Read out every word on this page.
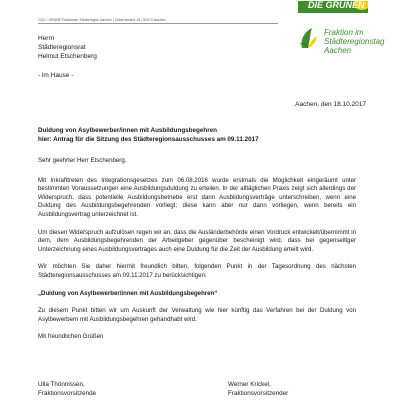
CDU / GRÜNE Fraktionen Städteregion Aachen | Zollernstraße 16 | 52070 Aachen
DIE GRÜNEN
Fraktion im
Städteregionstag
Aachen
Herrn
Städteregionsrat
Helmut Etschenberg
- im Hause -
Aachen, den 18.10.2017
Duldung von Asylbewerber/innen mit Ausbildungsbegehren
hier: Antrag für die Sitzung des Städteregionsausschusses am 09.11.2017

Sehr geehrter Herr Etschenberg,

Mit Inkrafttreten des Integrationsgesetzes zum 06.08.2016 wurde erstmals die Möglichkeit eingeräumt unter bestimmten Voraussetzungen eine Ausbildungsduldung zu erteilen. In der alltäglichen Praxis zeigt sich allerdings der Widerspruch, dass potentielle Ausbildungsbetriebe erst dann Ausbildungsverträge unterschreiben, wenn eine Duldung des Ausbildungsbegehrenden vorliegt; diese kann aber nur dann vorliegen, wenn bereits ein Ausbildungsvertrag unterzeichnet ist.

Um diesen Widerspruch aufzulösen regen wir an, dass die Ausländerbehörde einen Vordruck entwickelt/übernimmt in dem, dem Ausbildungsbegehrenden der Arbeitgeber gegenüber bescheinigt wird, dass bei gegenseitiger Unterzeichnung eines Ausbildungsvertrages auch eine Duldung für die Zeit der Ausbildung erteilt wird.

Wir möchten Sie daher hiermit freundlich bitten, folgenden Punkt in der Tagesordnung des nächsten Städteregionsausschusses am 09.11.2017 zu berücksichtigen:

„Duldung von Asylbewerber/innen mit Ausbildungsbegehren“

Zu diesem Punkt bitten wir um Auskunft der Verwaltung wie hier künftig das Verfahren bei der Duldung von Asylbewerbern mit Ausbildungsbegehren gehandhabt wird.

Mit freundlichen Grüßen

Ulla Thönnissen,
Fraktionsvorsitzende
Werner Krickel,
Fraktionsvorsitzender
